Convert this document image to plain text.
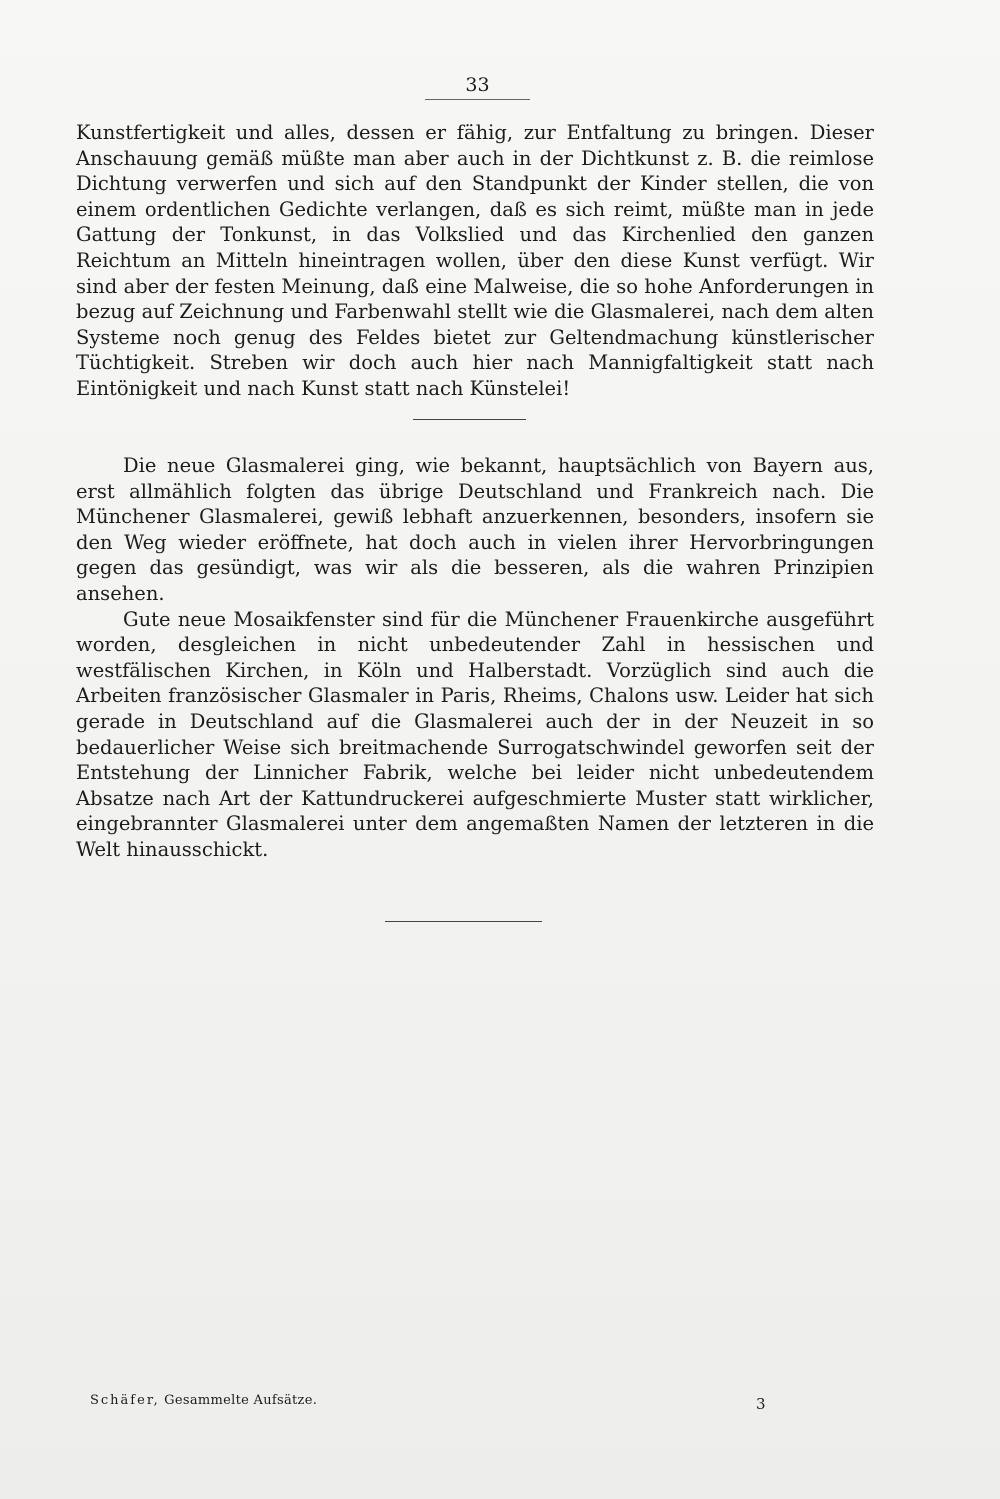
33

Kunstfertigkeit und alles, dessen er fähig, zur Entfaltung zu bringen. Dieser Anschauung gemäß müßte man aber auch in der Dichtkunst z. B. die reimlose Dichtung verwerfen und sich auf den Standpunkt der Kinder stellen, die von einem ordentlichen Gedichte verlangen, daß es sich reimt, müßte man in jede Gattung der Tonkunst, in das Volkslied und das Kirchenlied den ganzen Reichtum an Mitteln hineintragen wollen, über den diese Kunst verfügt. Wir sind aber der festen Meinung, daß eine Malweise, die so hohe Anforderungen in bezug auf Zeichnung und Farbenwahl stellt wie die Glasmalerei, nach dem alten Systeme noch genug des Feldes bietet zur Geltendmachung künstlerischer Tüchtigkeit. Streben wir doch auch hier nach Mannigfaltigkeit statt nach Eintönigkeit und nach Kunst statt nach Künstelei!

Die neue Glasmalerei ging, wie bekannt, hauptsächlich von Bayern aus, erst allmählich folgten das übrige Deutschland und Frankreich nach. Die Münchener Glasmalerei, gewiß lebhaft anzuerkennen, besonders, insofern sie den Weg wieder eröffnete, hat doch auch in vielen ihrer Hervorbringungen gegen das gesündigt, was wir als die besseren, als die wahren Prinzipien ansehen.

Gute neue Mosaikfenster sind für die Münchener Frauenkirche ausgeführt worden, desgleichen in nicht unbedeutender Zahl in hessischen und westfälischen Kirchen, in Köln und Halberstadt. Vorzüglich sind auch die Arbeiten französischer Glasmaler in Paris, Rheims, Chalons usw. Leider hat sich gerade in Deutschland auf die Glasmalerei auch der in der Neuzeit in so bedauerlicher Weise sich breitmachende Surrogatschwindel geworfen seit der Entstehung der Linnicher Fabrik, welche bei leider nicht unbedeutendem Absatze nach Art der Kattundruckerei aufgeschmierte Muster statt wirklicher, eingebrannter Glasmalerei unter dem angemaßten Namen der letzteren in die Welt hinausschickt.

Schäfer, Gesammelte Aufsätze.	3
